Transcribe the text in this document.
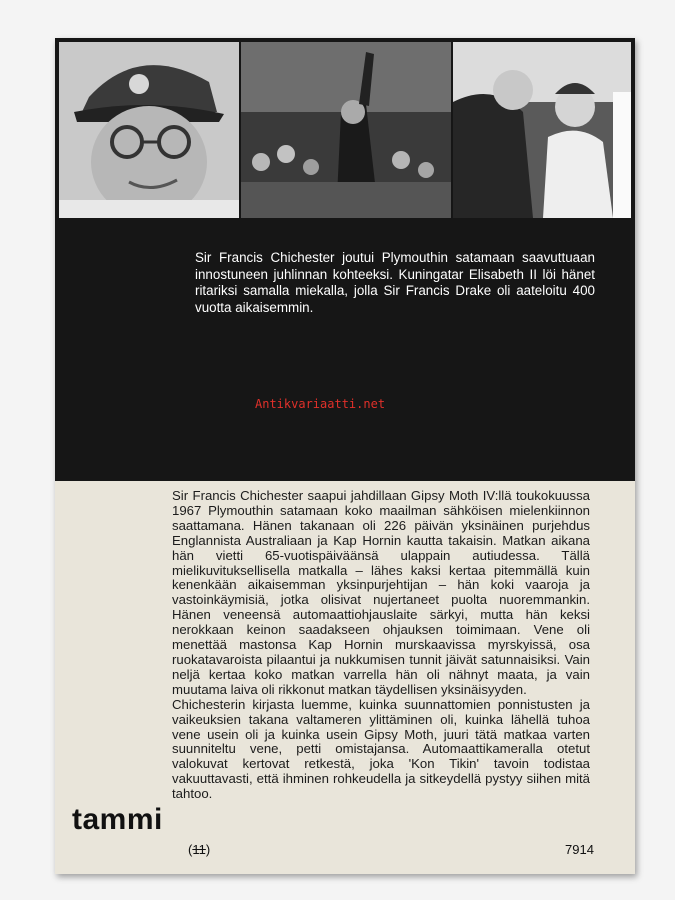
Sir Francis Chichester joutui Plymouthin satamaan saavuttuaan innostuneen juhlinnan kohteeksi. Kuningatar Elisabeth II löi hänet ritariksi samalla miekalla, jolla Sir Francis Drake oli aateloitu 400 vuotta aikaisemmin.

Antikvariaatti.net
Sir Francis Chichester saapui jahdillaan Gipsy Moth IV:llä toukokuussa 1967 Plymouthin satamaan koko maailman sähköisen mielenkiinnon saattamana. Hänen takanaan oli 226 päivän yksinäinen purjehdus Englannista Australiaan ja Kap Hornin kautta takaisin. Matkan aikana hän vietti 65-vuotispäiväänsä ulappain autiudessa. Tällä mielikuvituksellisella matkalla – lähes kaksi kertaa pitemmällä kuin kenenkään aikaisemman yksinpurjehtijan – hän koki vaaroja ja vastoinkäymisiä, jotka olisivat nujertaneet puolta nuoremmankin. Hänen veneensä automaattiohjauslaite särkyi, mutta hän keksi nerokkaan keinon saadakseen ohjauksen toimimaan. Vene oli menettää mastonsa Kap Hornin murskaavissa myrskyissä, osa ruokatavaroista pilaantui ja nukkumisen tunnit jäivät satunnaisiksi. Vain neljä kertaa koko matkan varrella hän oli nähnyt maata, ja vain muutama laiva oli rikkonut matkan täydellisen yksinäisyyden.
Chichesterin kirjasta luemme, kuinka suunnattomien ponnistusten ja vaikeuksien takana valtameren ylittäminen oli, kuinka lähellä tuhoa vene usein oli ja kuinka usein Gipsy Moth, juuri tätä matkaa varten suunniteltu vene, petti omistajansa. Automaattikameralla otetut valokuvat kertovat retkestä, joka 'Kon Tikin' tavoin todistaa vakuuttavasti, että ihminen rohkeudella ja sitkeydellä pystyy siihen mitä tahtoo.
tammi
(11)	7914
